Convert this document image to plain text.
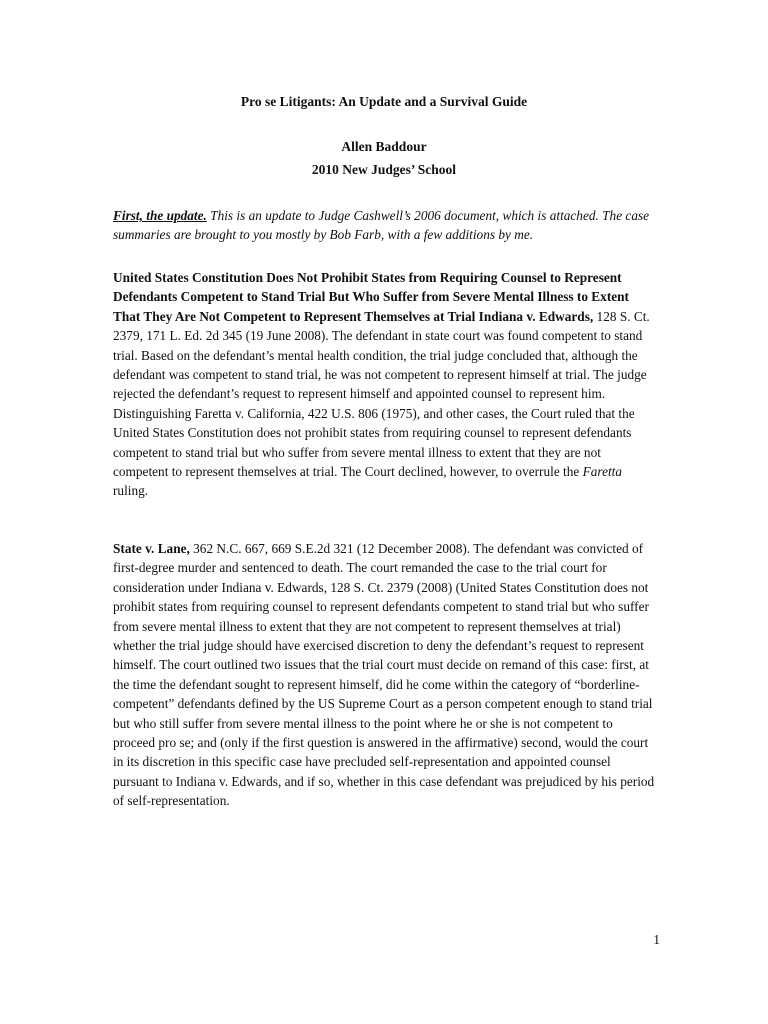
Pro se Litigants: An Update and a Survival Guide
Allen Baddour
2010 New Judges’ School

First, the update. This is an update to Judge Cashwell’s 2006 document, which is attached. The case summaries are brought to you mostly by Bob Farb, with a few additions by me.

United States Constitution Does Not Prohibit States from Requiring Counsel to Represent Defendants Competent to Stand Trial But Who Suffer from Severe Mental Illness to Extent That They Are Not Competent to Represent Themselves at Trial Indiana v. Edwards, 128 S. Ct. 2379, 171 L. Ed. 2d 345 (19 June 2008). The defendant in state court was found competent to stand trial. Based on the defendant’s mental health condition, the trial judge concluded that, although the defendant was competent to stand trial, he was not competent to represent himself at trial. The judge rejected the defendant’s request to represent himself and appointed counsel to represent him. Distinguishing Faretta v. California, 422 U.S. 806 (1975), and other cases, the Court ruled that the United States Constitution does not prohibit states from requiring counsel to represent defendants competent to stand trial but who suffer from severe mental illness to extent that they are not competent to represent themselves at trial. The Court declined, however, to overrule the Faretta ruling.

State v. Lane, 362 N.C. 667, 669 S.E.2d 321 (12 December 2008). The defendant was convicted of first-degree murder and sentenced to death. The court remanded the case to the trial court for consideration under Indiana v. Edwards, 128 S. Ct. 2379 (2008) (United States Constitution does not prohibit states from requiring counsel to represent defendants competent to stand trial but who suffer from severe mental illness to extent that they are not competent to represent themselves at trial) whether the trial judge should have exercised discretion to deny the defendant’s request to represent himself. The court outlined two issues that the trial court must decide on remand of this case: first, at the time the defendant sought to represent himself, did he come within the category of “borderline-competent” defendants defined by the US Supreme Court as a person competent enough to stand trial but who still suffer from severe mental illness to the point where he or she is not competent to proceed pro se; and (only if the first question is answered in the affirmative) second, would the court in its discretion in this specific case have precluded self-representation and appointed counsel pursuant to Indiana v. Edwards, and if so, whether in this case defendant was prejudiced by his period of self-representation.

1
